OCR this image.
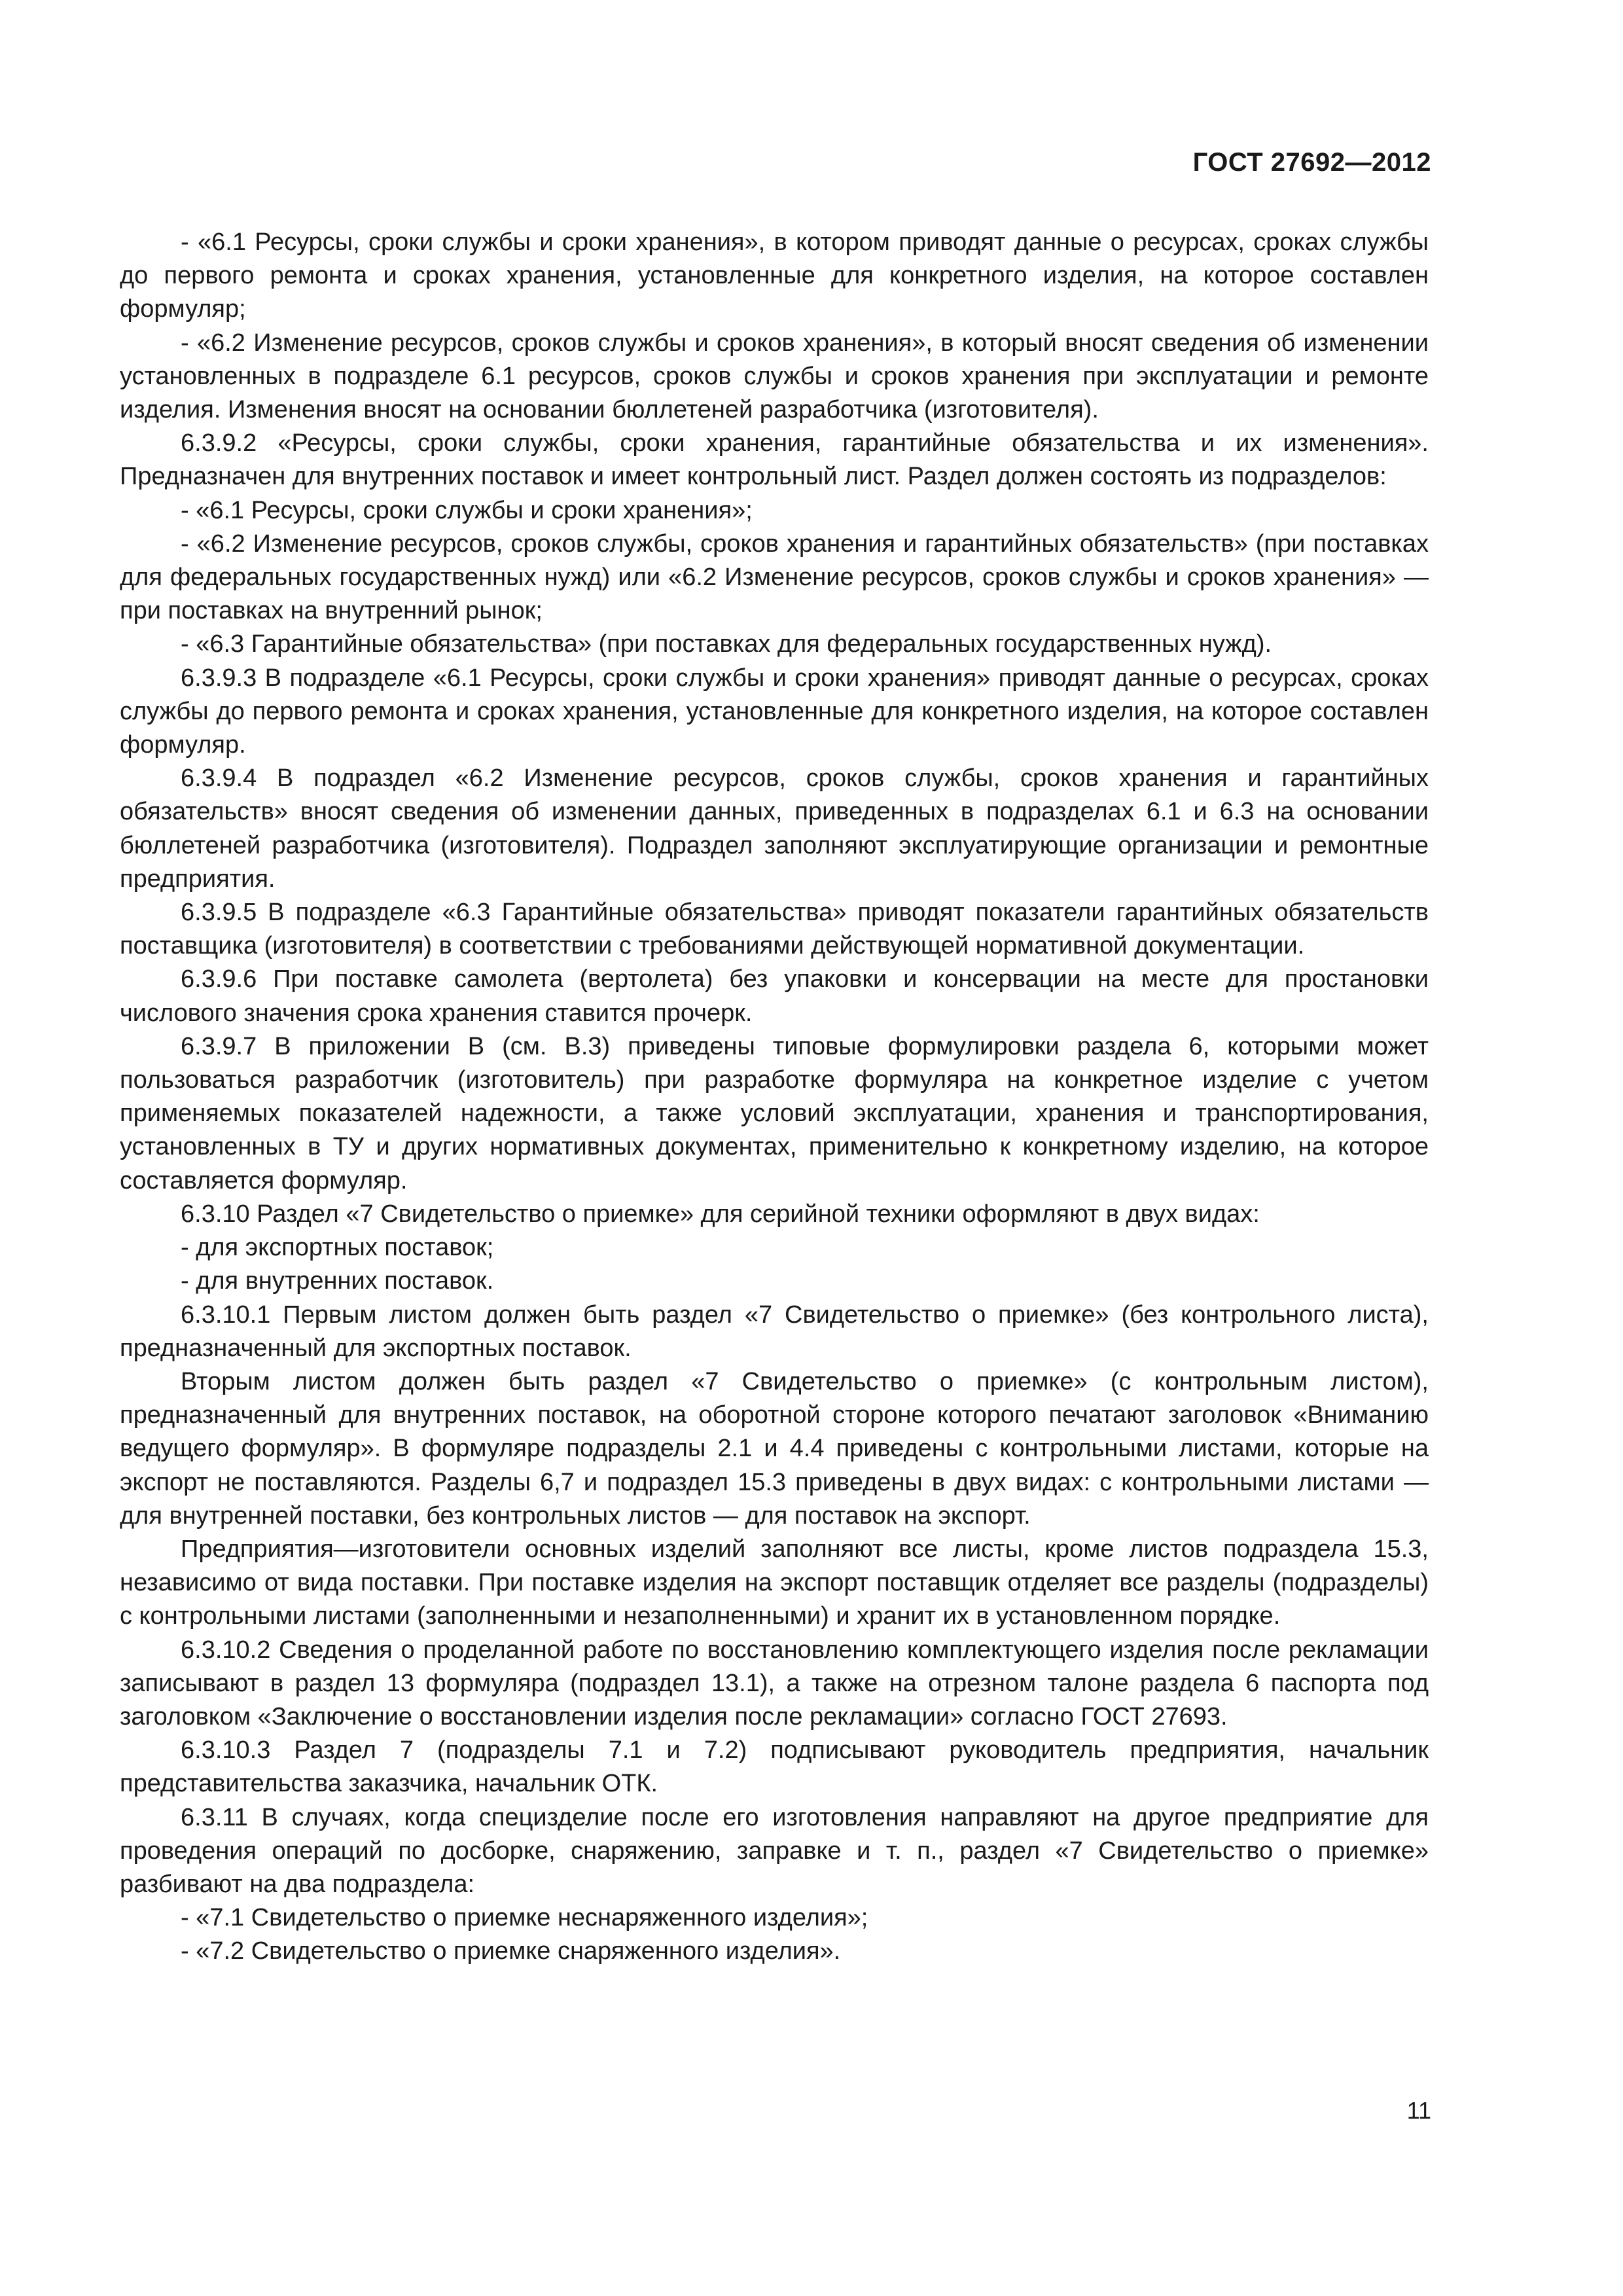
ГОСТ 27692—2012

- «6.1 Ресурсы, сроки службы и сроки хранения», в котором приводят данные о ресурсах, сроках службы до первого ремонта и сроках хранения, установленные для конкретного изделия, на которое составлен формуляр;

- «6.2 Изменение ресурсов, сроков службы и сроков хранения», в который вносят сведения об изменении установленных в подразделе 6.1 ресурсов, сроков службы и сроков хранения при эксплуатации и ремонте изделия. Изменения вносят на основании бюллетеней разработчика (изготовителя).

6.3.9.2 «Ресурсы, сроки службы, сроки хранения, гарантийные обязательства и их изменения». Предназначен для внутренних поставок и имеет контрольный лист. Раздел должен состоять из подразделов:

- «6.1 Ресурсы, сроки службы и сроки хранения»;

- «6.2 Изменение ресурсов, сроков службы, сроков хранения и гарантийных обязательств» (при поставках для федеральных государственных нужд) или «6.2 Изменение ресурсов, сроков службы и сроков хранения» — при поставках на внутренний рынок;

- «6.3 Гарантийные обязательства» (при поставках для федеральных государственных нужд).

6.3.9.3 В подразделе «6.1 Ресурсы, сроки службы и сроки хранения» приводят данные о ресурсах, сроках службы до первого ремонта и сроках хранения, установленные для конкретного изделия, на которое составлен формуляр.

6.3.9.4 В подраздел «6.2 Изменение ресурсов, сроков службы, сроков хранения и гарантийных обязательств» вносят сведения об изменении данных, приведенных в подразделах 6.1 и 6.3 на основании бюллетеней разработчика (изготовителя). Подраздел заполняют эксплуатирующие организации и ремонтные предприятия.

6.3.9.5 В подразделе «6.3 Гарантийные обязательства» приводят показатели гарантийных обязательств поставщика (изготовителя) в соответствии с требованиями действующей нормативной документации.

6.3.9.6 При поставке самолета (вертолета) без упаковки и консервации на месте для простановки числового значения срока хранения ставится прочерк.

6.3.9.7 В приложении В (см. В.3) приведены типовые формулировки раздела 6, которыми может пользоваться разработчик (изготовитель) при разработке формуляра на конкретное изделие с учетом применяемых показателей надежности, а также условий эксплуатации, хранения и транспортирования, установленных в ТУ и других нормативных документах, применительно к конкретному изделию, на которое составляется формуляр.

6.3.10 Раздел «7 Свидетельство о приемке» для серийной техники оформляют в двух видах:

- для экспортных поставок;

- для внутренних поставок.

6.3.10.1 Первым листом должен быть раздел «7 Свидетельство о приемке» (без контрольного листа), предназначенный для экспортных поставок.

Вторым листом должен быть раздел «7 Свидетельство о приемке» (с контрольным листом), предназначенный для внутренних поставок, на оборотной стороне которого печатают заголовок «Вниманию ведущего формуляр». В формуляре подразделы 2.1 и 4.4 приведены с контрольными листами, которые на экспорт не поставляются. Разделы 6,7 и подраздел 15.3 приведены в двух видах: с контрольными листами — для внутренней поставки, без контрольных листов — для поставок на экспорт.

Предприятия—изготовители основных изделий заполняют все листы, кроме листов подраздела 15.3, независимо от вида поставки. При поставке изделия на экспорт поставщик отделяет все разделы (подразделы) с контрольными листами (заполненными и незаполненными) и хранит их в установленном порядке.

6.3.10.2 Сведения о проделанной работе по восстановлению комплектующего изделия после рекламации записывают в раздел 13 формуляра (подраздел 13.1), а также на отрезном талоне раздела 6 паспорта под заголовком «Заключение о восстановлении изделия после рекламации» согласно ГОСТ 27693.

6.3.10.3 Раздел 7 (подразделы 7.1 и 7.2) подписывают руководитель предприятия, начальник представительства заказчика, начальник ОТК.

6.3.11 В случаях, когда специзделие после его изготовления направляют на другое предприятие для проведения операций по досборке, снаряжению, заправке и т. п., раздел «7 Свидетельство о приемке» разбивают на два подраздела:

- «7.1 Свидетельство о приемке неснаряженного изделия»;

- «7.2 Свидетельство о приемке снаряженного изделия».

11
